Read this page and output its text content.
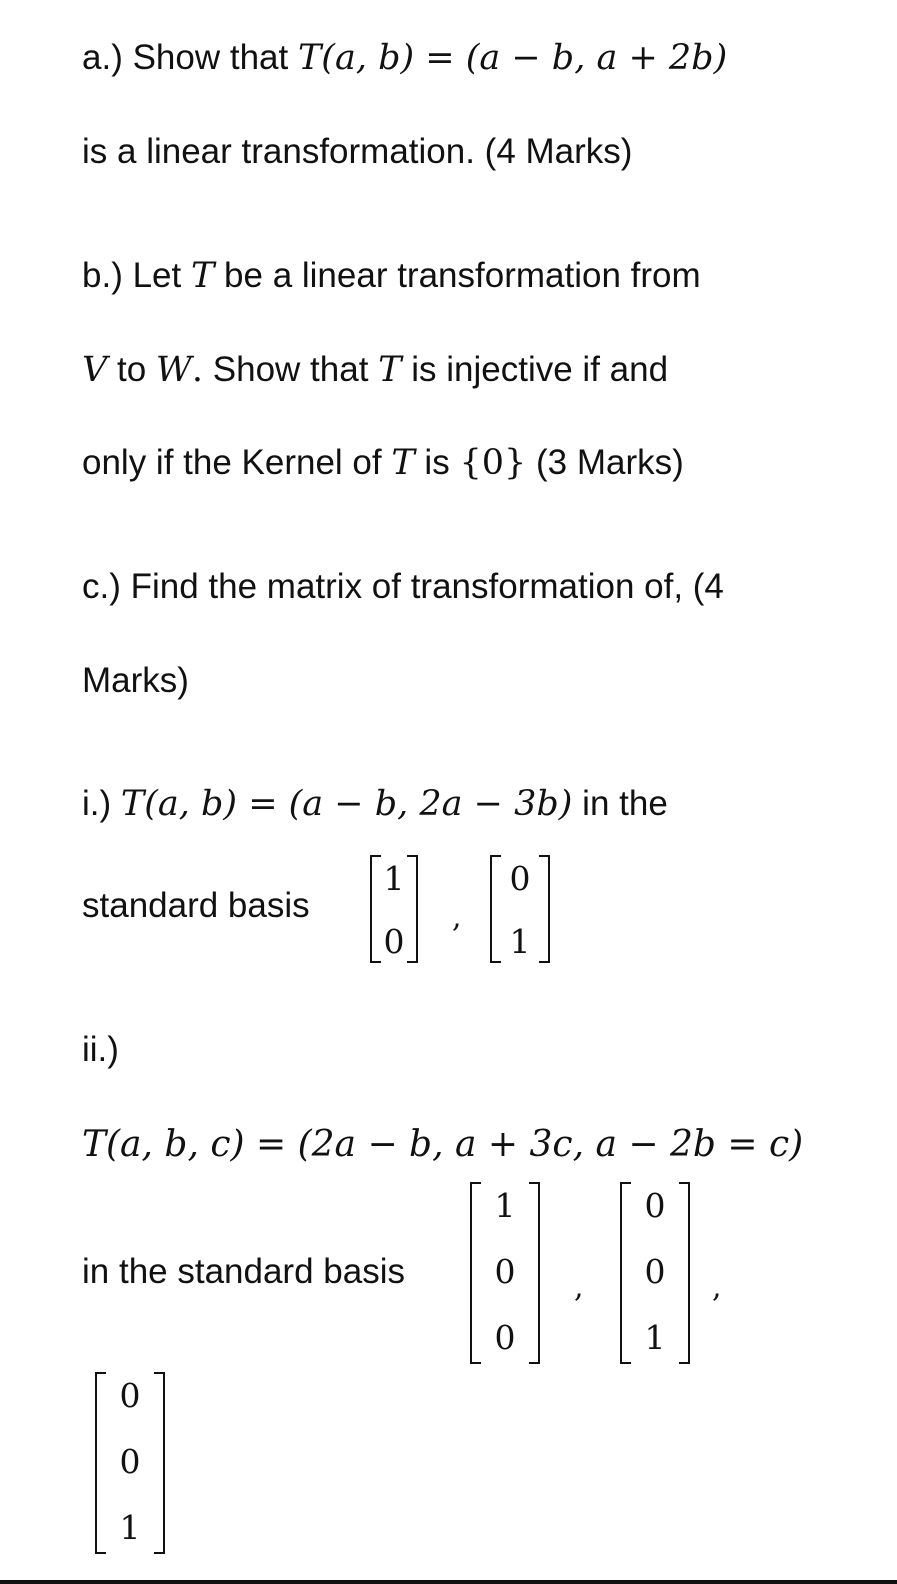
a.) Show that T(a, b) = (a − b, a + 2b)
is a linear transformation. (4 Marks)
b.) Let T be a linear transformation from
V to W. Show that T is injective if and
only if the Kernel of T is {0} (3 Marks)
c.) Find the matrix of transformation of, (4
Marks)
i.) T(a, b) = (a − b, 2a − 3b) in the
standard basis
1
0
,
0
1
ii.)
T(a, b, c) = (2a − b, a + 3c, a − 2b = c)
in the standard basis
1
0
0
,
0
0
1
,
0
0
1
